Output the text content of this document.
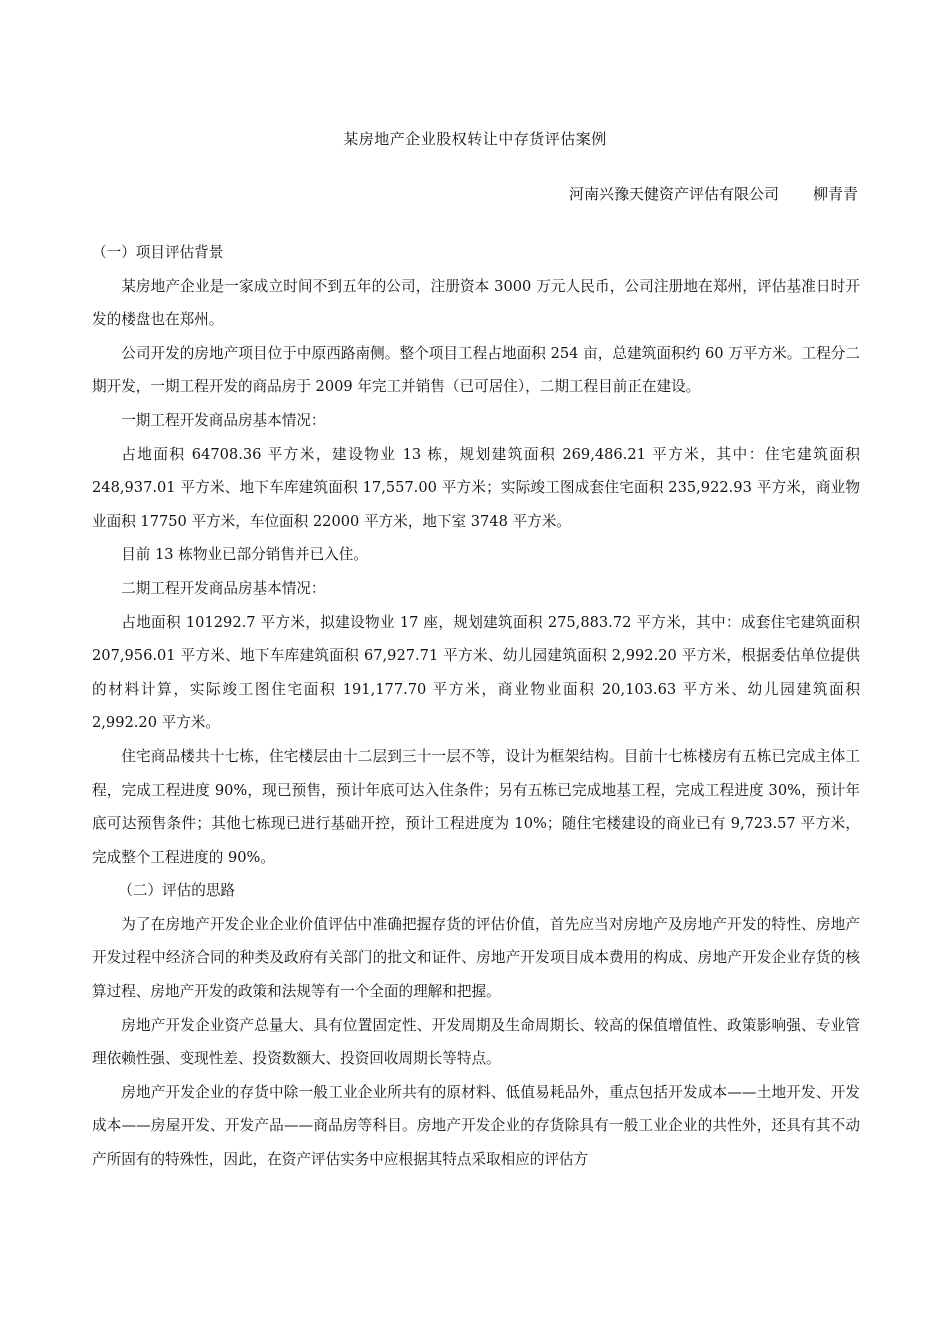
某房地产企业股权转让中存货评估案例
河南兴豫天健资产评估有限公司 柳青青

（一）项目评估背景

某房地产企业是一家成立时间不到五年的公司，注册资本 3000 万元人民币，公司注册地在郑州，评估基准日时开发的楼盘也在郑州。

公司开发的房地产项目位于中原西路南侧。整个项目工程占地面积 254 亩，总建筑面积约 60 万平方米。工程分二期开发，一期工程开发的商品房于 2009 年完工并销售（已可居住），二期工程目前正在建设。

一期工程开发商品房基本情况：

占地面积 64708.36 平方米，建设物业 13 栋，规划建筑面积 269,486.21 平方米，其中：住宅建筑面积 248,937.01 平方米、地下车库建筑面积 17,557.00 平方米；实际竣工图成套住宅面积 235,922.93 平方米，商业物业面积 17750 平方米，车位面积 22000 平方米，地下室 3748 平方米。

目前 13 栋物业已部分销售并已入住。

二期工程开发商品房基本情况：

占地面积 101292.7 平方米，拟建设物业 17 座，规划建筑面积 275,883.72 平方米，其中：成套住宅建筑面积 207,956.01 平方米、地下车库建筑面积 67,927.71 平方米、幼儿园建筑面积 2,992.20 平方米，根据委估单位提供的材料计算，实际竣工图住宅面积 191,177.70 平方米，商业物业面积 20,103.63 平方米、幼儿园建筑面积 2,992.20 平方米。

住宅商品楼共十七栋，住宅楼层由十二层到三十一层不等，设计为框架结构。目前十七栋楼房有五栋已完成主体工程，完成工程进度 90%，现已预售，预计年底可达入住条件；另有五栋已完成地基工程，完成工程进度 30%，预计年底可达预售条件；其他七栋现已进行基础开控，预计工程进度为 10%；随住宅楼建设的商业已有 9,723.57 平方米，完成整个工程进度的 90%。

（二）评估的思路

为了在房地产开发企业企业价值评估中准确把握存货的评估价值，首先应当对房地产及房地产开发的特性、房地产开发过程中经济合同的种类及政府有关部门的批文和证件、房地产开发项目成本费用的构成、房地产开发企业存货的核算过程、房地产开发的政策和法规等有一个全面的理解和把握。

房地产开发企业资产总量大、具有位置固定性、开发周期及生命周期长、较高的保值增值性、政策影响强、专业管理依赖性强、变现性差、投资数额大、投资回收周期长等特点。

房地产开发企业的存货中除一般工业企业所共有的原材料、低值易耗品外，重点包括开发成本——土地开发、开发成本——房屋开发、开发产品——商品房等科目。房地产开发企业的存货除具有一般工业企业的共性外，还具有其不动产所固有的特殊性，因此，在资产评估实务中应根据其特点采取相应的评估方
